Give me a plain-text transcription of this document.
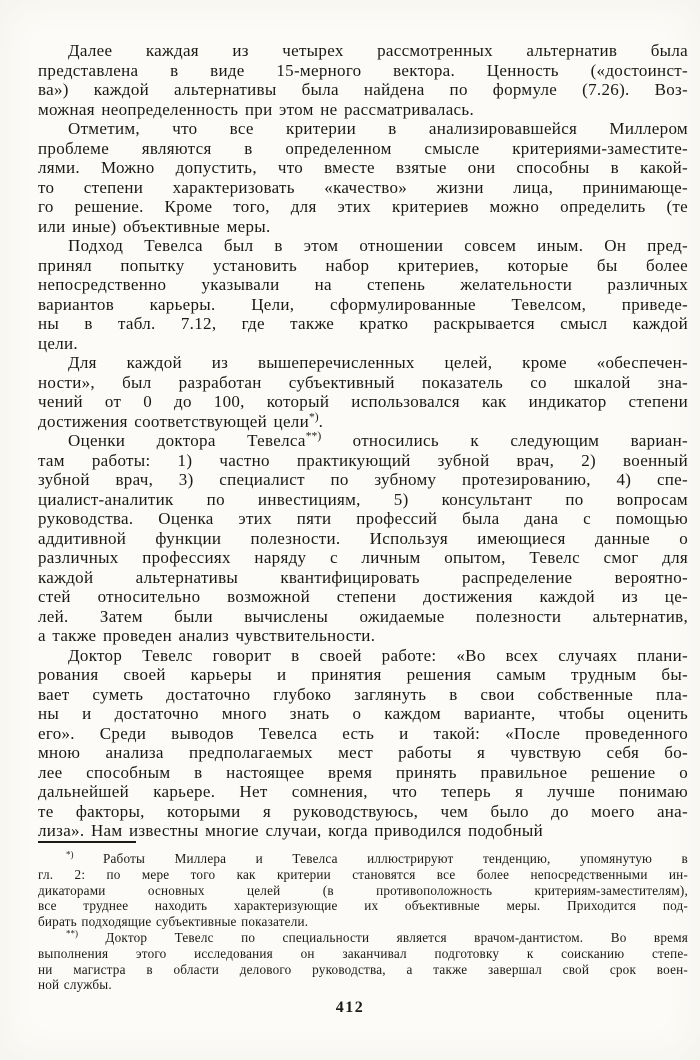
Далее каждая из четырех рассмотренных альтернатив была
представлена в виде 15-мерного вектора. Ценность («достоинст-
ва») каждой альтернативы была найдена по формуле (7.26). Воз-
можная неопределенность при этом не рассматривалась.
Отметим, что все критерии в анализировавшейся Миллером
проблеме являются в определенном смысле критериями-заместите-
лями. Можно допустить, что вместе взятые они способны в какой-
то степени характеризовать «качество» жизни лица, принимающе-
го решение. Кроме того, для этих критериев можно определить (те
или иные) объективные меры.
Подход Тевелса был в этом отношении совсем иным. Он пред-
принял попытку установить набор критериев, которые бы более
непосредственно указывали на степень желательности различных
вариантов карьеры. Цели, сформулированные Тевелсом, приведе-
ны в табл. 7.12, где также кратко раскрывается смысл каждой
цели.
Для каждой из вышеперечисленных целей, кроме «обеспечен-
ности», был разработан субъективный показатель со шкалой зна-
чений от 0 до 100, который использовался как индикатор степени
достижения соответствующей цели*).
Оценки доктора Тевелса**) относились к следующим вариан-
там работы: 1) частно практикующий зубной врач, 2) военный
зубной врач, 3) специалист по зубному протезированию, 4) спе-
циалист-аналитик по инвестициям, 5) консультант по вопросам
руководства. Оценка этих пяти профессий была дана с помощью
аддитивной функции полезности. Используя имеющиеся данные о
различных профессиях наряду с личным опытом, Тевелс смог для
каждой альтернативы квантифицировать распределение вероятно-
стей относительно возможной степени достижения каждой из це-
лей. Затем были вычислены ожидаемые полезности альтернатив,
а также проведен анализ чувствительности.
Доктор Тевелс говорит в своей работе: «Во всех случаях плани-
рования своей карьеры и принятия решения самым трудным бы-
вает суметь достаточно глубоко заглянуть в свои собственные пла-
ны и достаточно много знать о каждом варианте, чтобы оценить
его». Среди выводов Тевелса есть и такой: «После проведенного
мною анализа предполагаемых мест работы я чувствую себя бо-
лее способным в настоящее время принять правильное решение о
дальнейшей карьере. Нет сомнения, что теперь я лучше понимаю
те факторы, которыми я руководствуюсь, чем было до моего ана-
лиза». Нам известны многие случаи, когда приводился подобный
*) Работы Миллера и Тевелса иллюстрируют тенденцию, упомянутую в
гл. 2: по мере того как критерии становятся все более непосредственными ин-
дикаторами основных целей (в противоположность критериям-заместителям),
все труднее находить характеризующие их объективные меры. Приходится под-
бирать подходящие субъективные показатели.
**) Доктор Тевелс по специальности является врачом-дантистом. Во время
выполнения этого исследования он заканчивал подготовку к соисканию степе-
ни магистра в области делового руководства, а также завершал свой срок воен-
ной службы.
412
